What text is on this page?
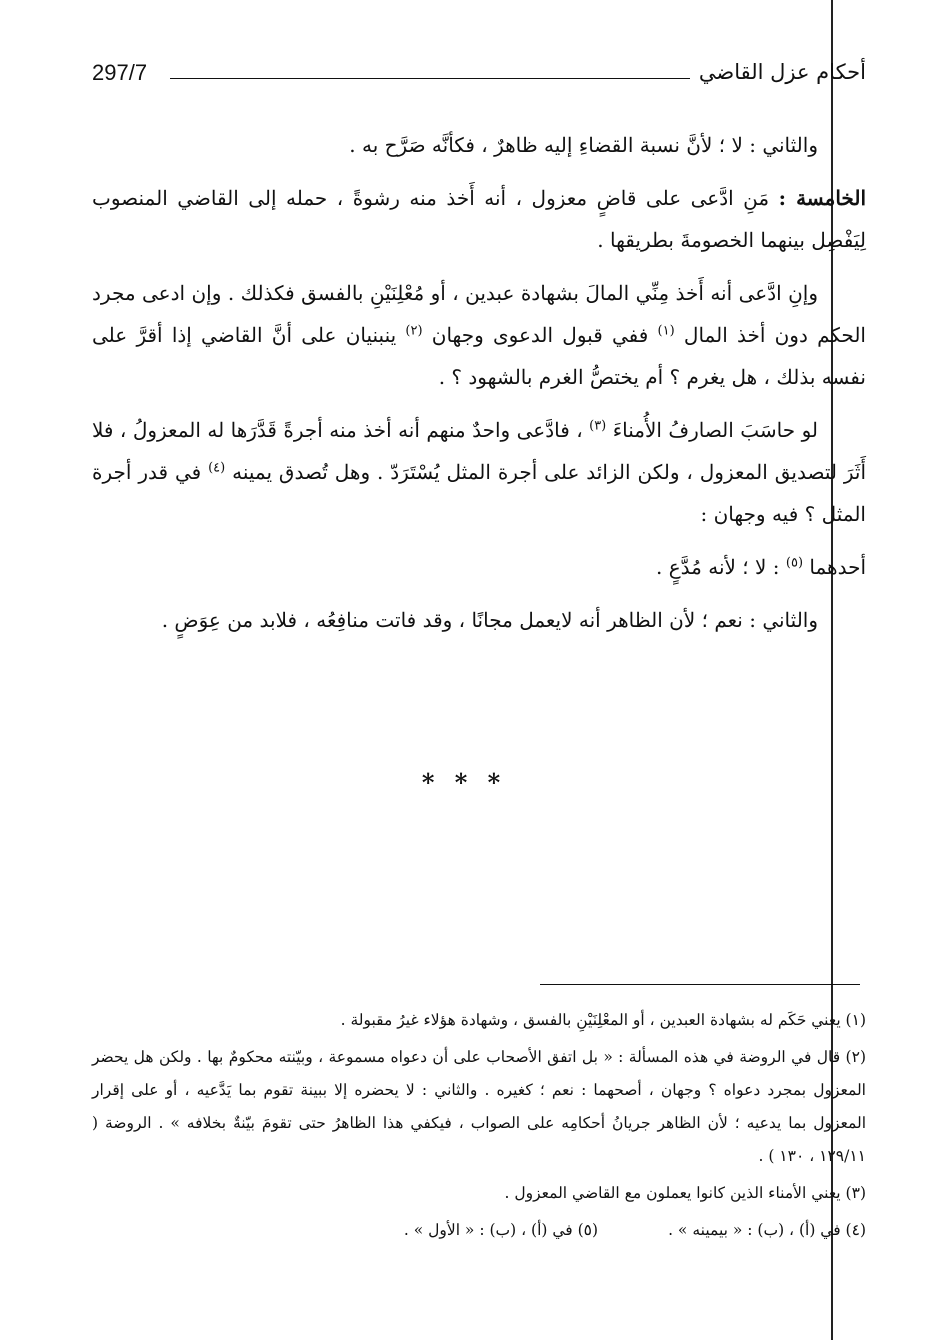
297/7	أحكام عزل القاضي

والثاني : لا ؛ لأنَّ نسبة القضاءِ إليه ظاهرٌ ، فكأنَّه صَرَّح به .

الخامسة : مَنِ ادَّعى على قاضٍ معزول ، أنه أَخذ منه رشوةً ، حمله إلى القاضي المنصوب لِيَفْصِل بينهما الخصومةَ بطريقها .

وإنِ ادَّعى أنه أَخذ مِنِّي المالَ بشهادة عبدين ، أو مُعْلِنَيْنِ بالفسق فكذلك . وإن ادعى مجرد الحكم دون أخذ المال $^{(١)}$ ففي قبول الدعوى وجهان $^{(٢)}$ ينبنيان على أنَّ القاضي إذا أقرَّ على نفسه بذلك ، هل يغرم ؟ أم يختصُّ الغرم بالشهود ؟ .

لو حاسَبَ الصارفُ الأُمناءَ $^{(٣)}$ ، فادَّعى واحدٌ منهم أنه أخذ منه أجرةً قَدَّرَها له المعزولُ ، فلا أَثَرَ لتصديق المعزول ، ولكن الزائد على أجرة المثل يُسْتَرَدّ . وهل تُصدق يمينه $^{(٤)}$ في قدر أجرة المثل ؟ فيه وجهان :

أحدهما $^{(٥)}$ : لا ؛ لأنه مُدَّعٍ .

والثاني : نعم ؛ لأن الظاهر أنه لايعمل مجانًا ، وقد فاتت منافِعُه ، فلابد من عِوَضٍ .

* * *

(١) يعني حَكَم له بشهادة العبدين ، أو المعْلِنَيْنِ بالفسق ، وشهادة هؤلاء غيرُ مقبولة .

(٢) قال في الروضة في هذه المسألة : « بل اتفق الأصحاب على أن دعواه مسموعة ، وبيّنته محكومٌ بها . ولكن هل يحضر المعزول بمجرد دعواه ؟ وجهان ، أصحهما : نعم ؛ كغيره . والثاني : لا يحضره إلا ببينة تقوم بما يَدَّعيه ، أو على إقرار المعزول بما يدعيه ؛ لأن الظاهر جريانُ أحكامِه على الصواب ، فيكفي هذا الظاهرُ حتى تقومَ بيّنةٌ بخلافه » . الروضة ( ١٢٩/١١ ، ١٣٠ ) .

(٣) يعني الأمناء الذين كانوا يعملون مع القاضي المعزول .

(٤) في (أ) ، (ب) : « بيمينه » .
(٥) في (أ) ، (ب) : « الأول » .
